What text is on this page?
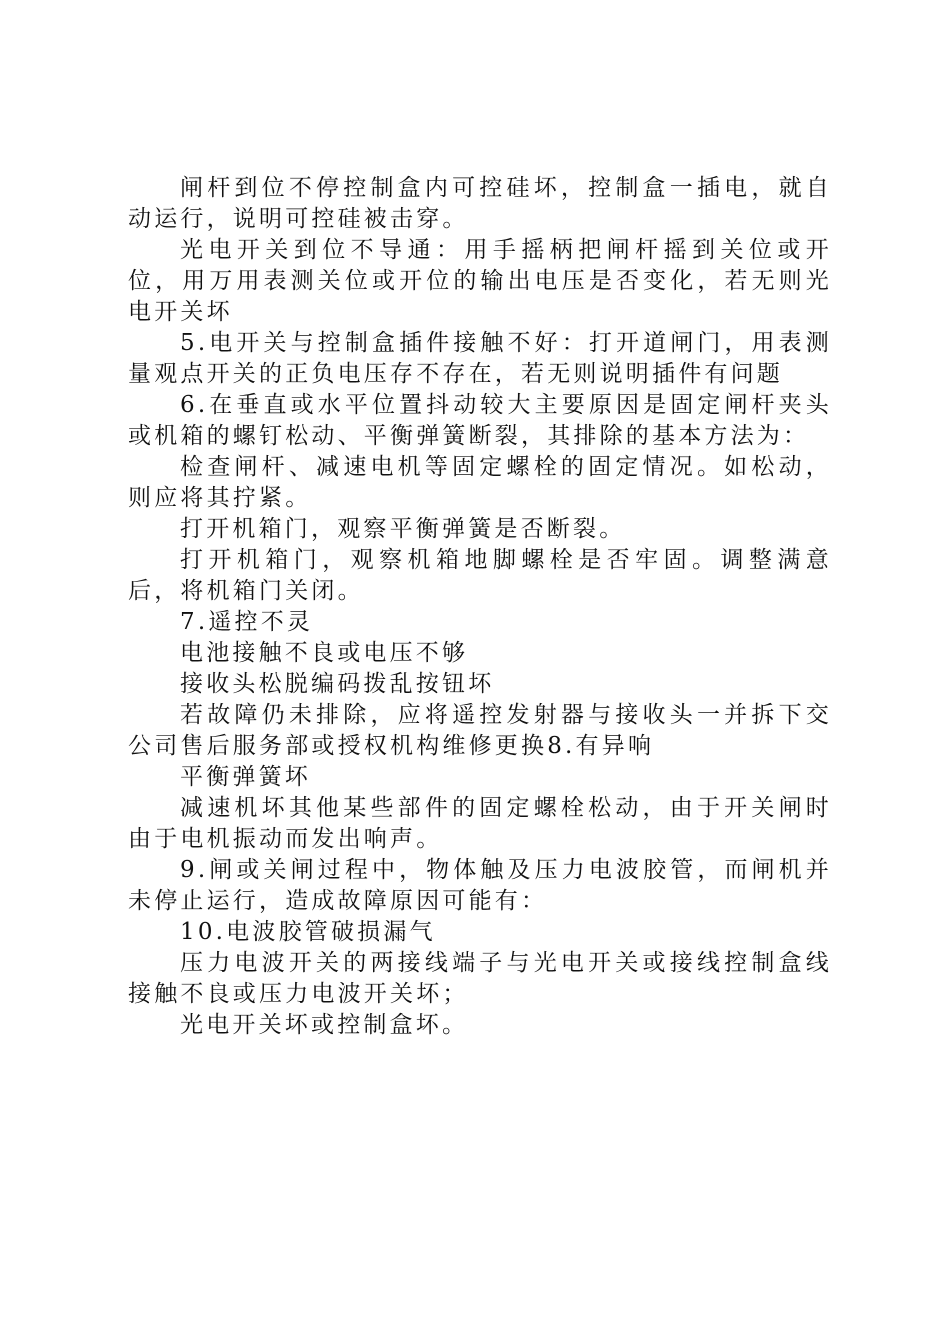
闸杆到位不停控制盒内可控硅坏，控制盒一插电，就自动运行，说明可控硅被击穿。

光电开关到位不导通：用手摇柄把闸杆摇到关位或开位，用万用表测关位或开位的输出电压是否变化，若无则光电开关坏

5.电开关与控制盒插件接触不好：打开道闸门，用表测量观点开关的正负电压存不存在，若无则说明插件有问题

6.在垂直或水平位置抖动较大主要原因是固定闸杆夹头或机箱的螺钉松动、平衡弹簧断裂，其排除的基本方法为：

检查闸杆、减速电机等固定螺栓的固定情况。如松动，则应将其拧紧。

打开机箱门，观察平衡弹簧是否断裂。

打开机箱门，观察机箱地脚螺栓是否牢固。调整满意后，将机箱门关闭。

7.遥控不灵

电池接触不良或电压不够

接收头松脱编码拨乱按钮坏

若故障仍未排除，应将遥控发射器与接收头一并拆下交公司售后服务部或授权机构维修更换8.有异响

平衡弹簧坏

减速机坏其他某些部件的固定螺栓松动，由于开关闸时由于电机振动而发出响声。

9.闸或关闸过程中，物体触及压力电波胶管，而闸机并未停止运行，造成故障原因可能有：

10.电波胶管破损漏气

压力电波开关的两接线端子与光电开关或接线控制盒线接触不良或压力电波开关坏；

光电开关坏或控制盒坏。
